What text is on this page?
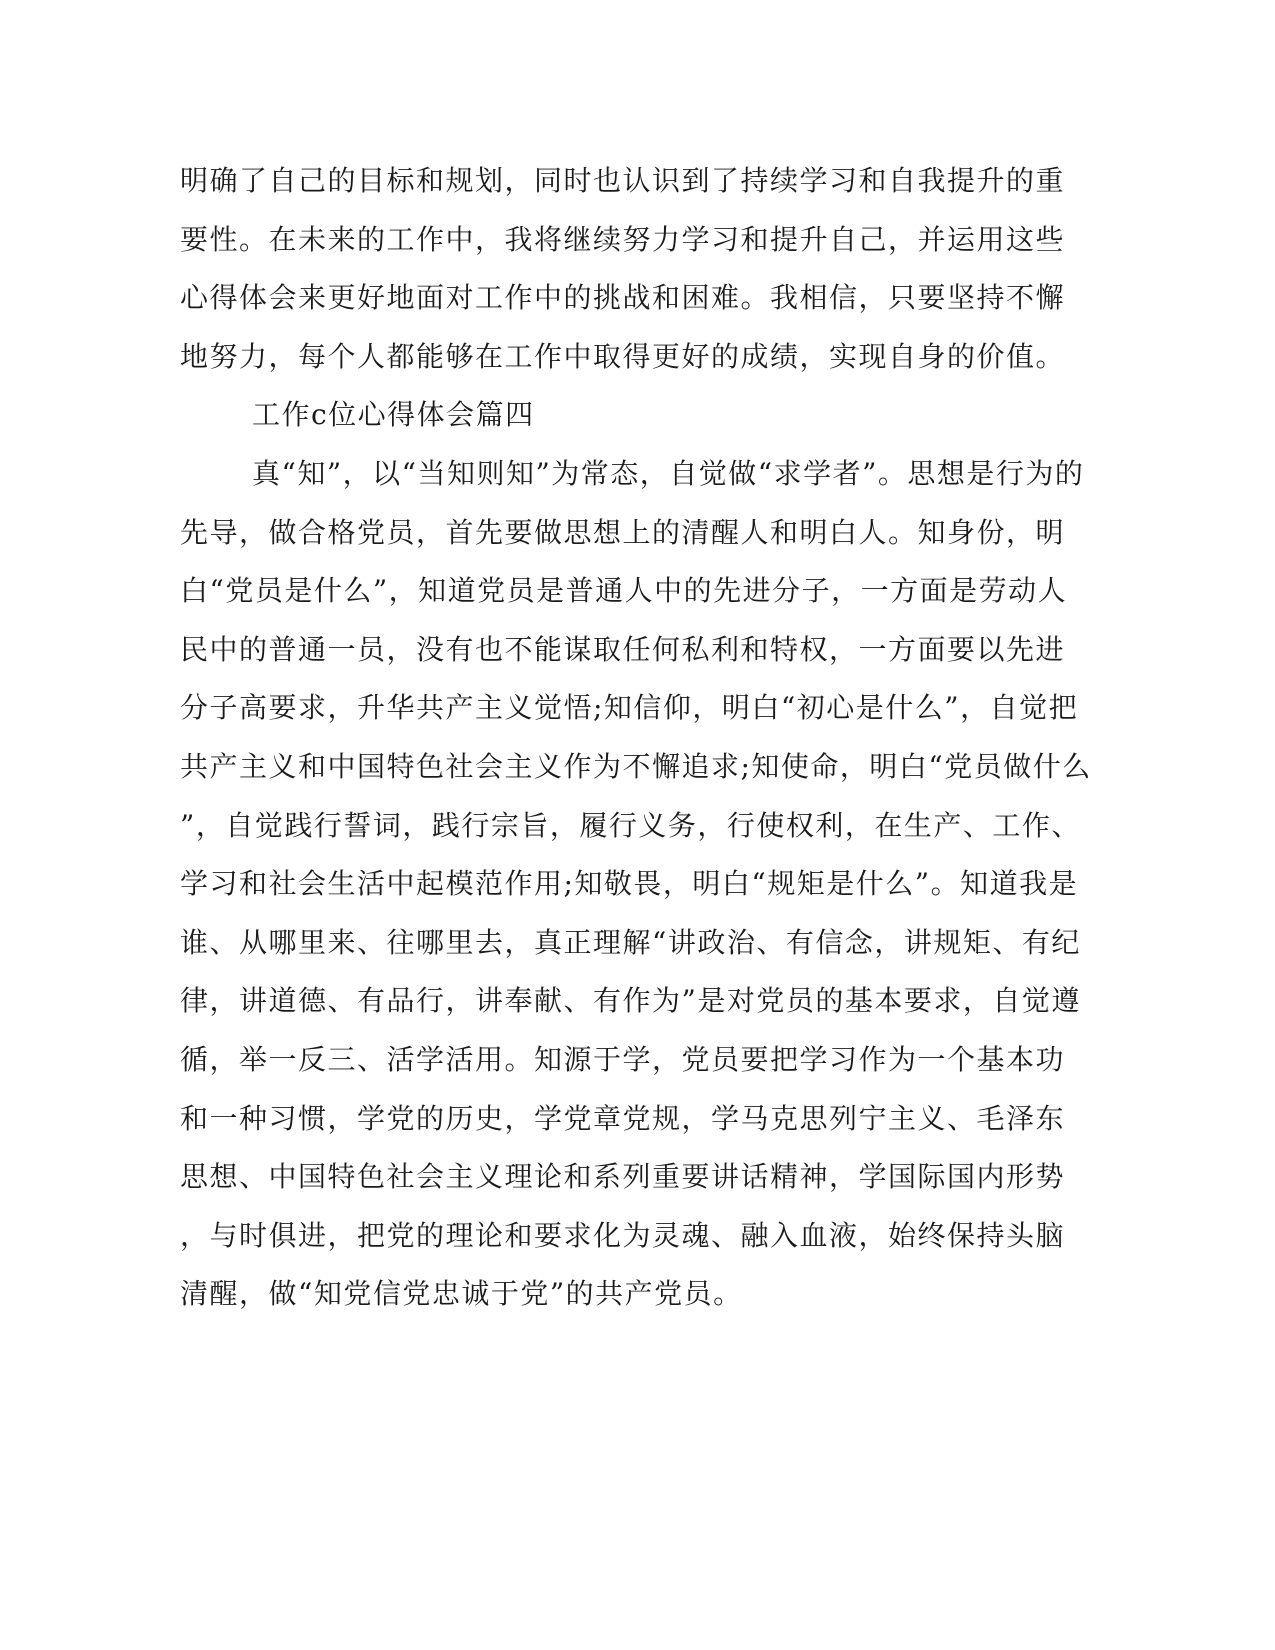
明确了自己的目标和规划，同时也认识到了持续学习和自我提升的重
要性。在未来的工作中，我将继续努力学习和提升自己，并运用这些
心得体会来更好地面对工作中的挑战和困难。我相信，只要坚持不懈
地努力，每个人都能够在工作中取得更好的成绩，实现自身的价值。
工作c位心得体会篇四
真“知”，以“当知则知”为常态，自觉做“求学者”。思想是行为的
先导，做合格党员，首先要做思想上的清醒人和明白人。知身份，明
白“党员是什么”，知道党员是普通人中的先进分子，一方面是劳动人
民中的普通一员，没有也不能谋取任何私利和特权，一方面要以先进
分子高要求，升华共产主义觉悟;知信仰，明白“初心是什么”，自觉把
共产主义和中国特色社会主义作为不懈追求;知使命，明白“党员做什么
”，自觉践行誓词，践行宗旨，履行义务，行使权利，在生产、工作、
学习和社会生活中起模范作用;知敬畏，明白“规矩是什么”。知道我是
谁、从哪里来、往哪里去，真正理解“讲政治、有信念，讲规矩、有纪
律，讲道德、有品行，讲奉献、有作为”是对党员的基本要求，自觉遵
循，举一反三、活学活用。知源于学，党员要把学习作为一个基本功
和一种习惯，学党的历史，学党章党规，学马克思列宁主义、毛泽东
思想、中国特色社会主义理论和系列重要讲话精神，学国际国内形势
，与时俱进，把党的理论和要求化为灵魂、融入血液，始终保持头脑
清醒，做“知党信党忠诚于党”的共产党员。
